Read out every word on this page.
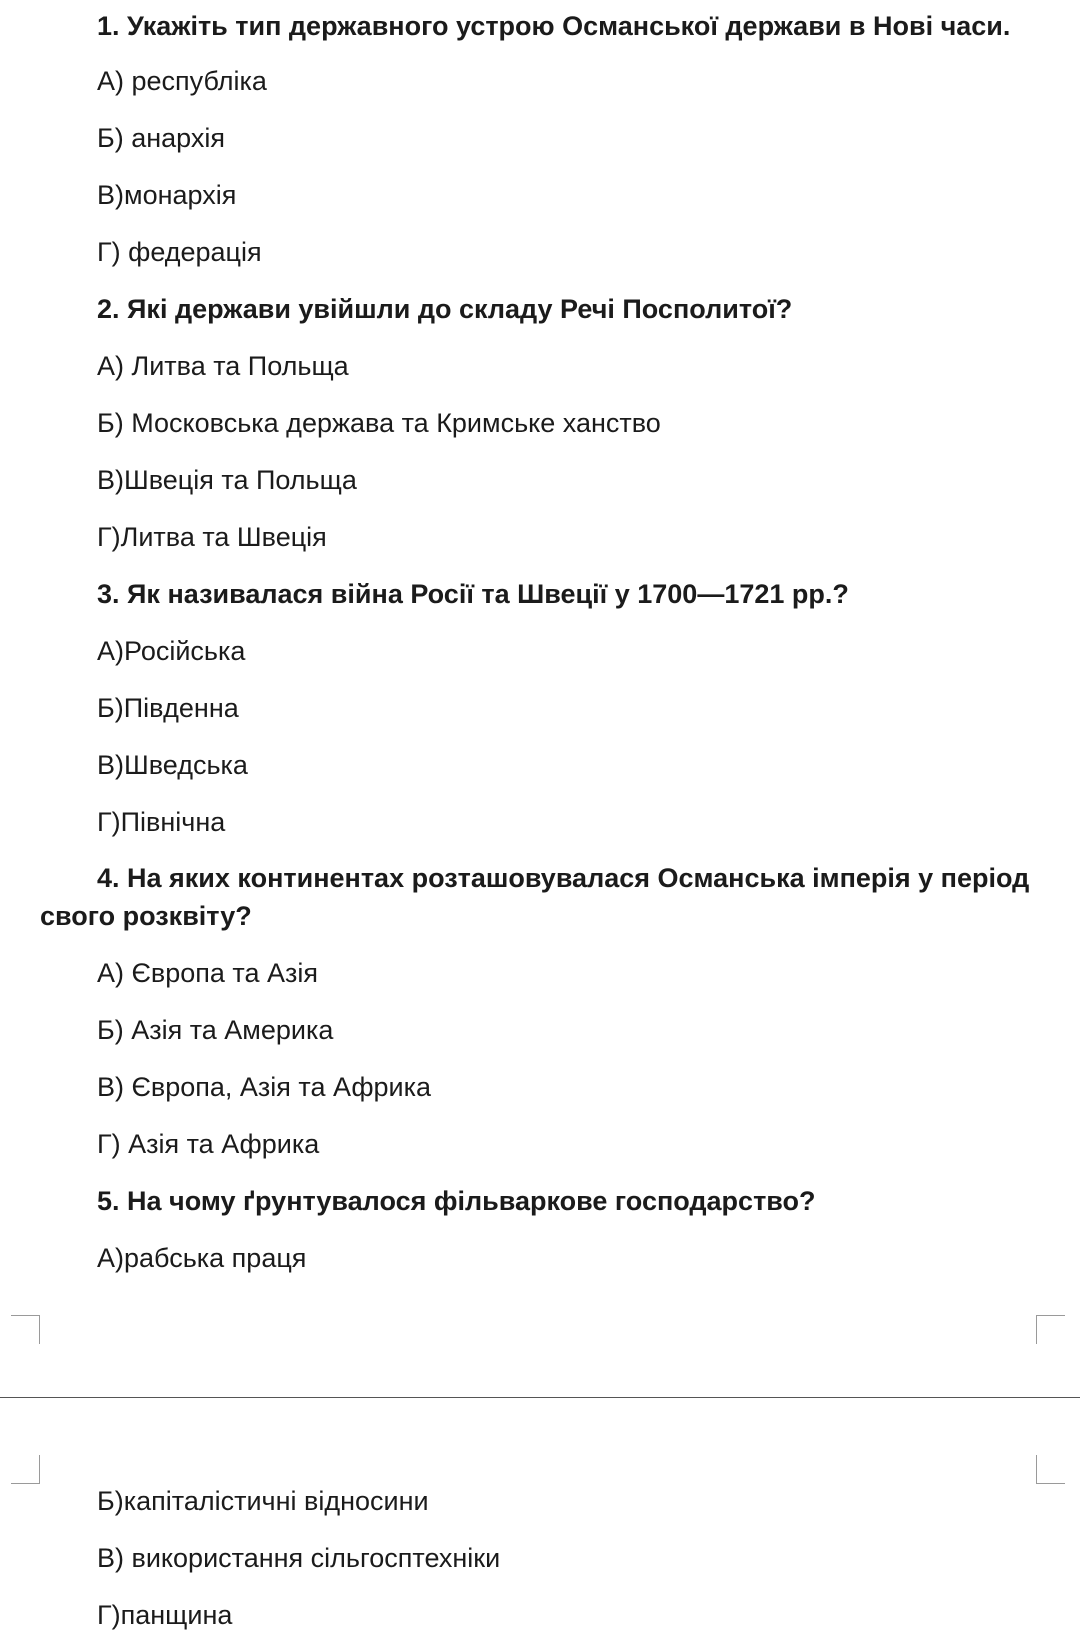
1. Укажіть тип державного устрою Османської держави в Нові часи.
А) республіка
Б) анархія
В)монархія
Г) федерація
2. Які держави увійшли до складу Речі Посполитої?
А) Литва та Польща
Б) Московська держава та Кримське ханство
В)Швеція та Польща
Г)Литва та Швеція
3. Як називалася війна Росії та Швеції у 1700—1721 рр.?
А)Російська
Б)Південна
В)Шведська
Г)Північна
4. На яких континентах розташовувалася Османська імперія у період свого розквіту?
А) Європа та Азія
Б) Азія та Америка
В) Європа, Азія та Африка
Г) Азія та Африка
5. На чому ґрунтувалося фільваркове господарство?
А)рабська праця
Б)капіталістичні відносини
В) використання сільгосптехніки
Г)панщина
